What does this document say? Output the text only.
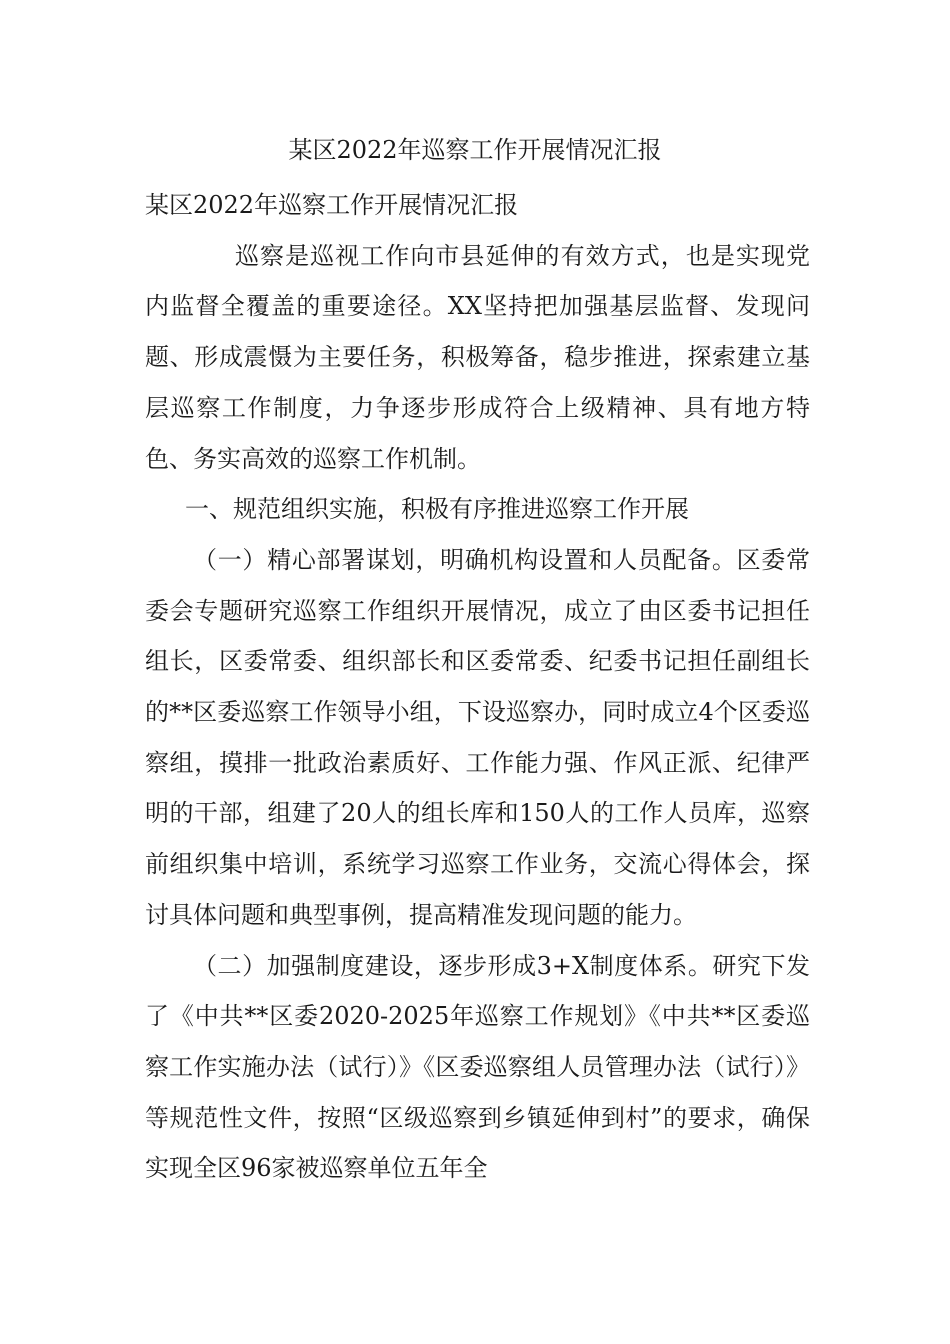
某区2022年巡察工作开展情况汇报

某区2022年巡察工作开展情况汇报

巡察是巡视工作向市县延伸的有效方式，也是实现党内监督全覆盖的重要途径。XX坚持把加强基层监督、发现问题、形成震慑为主要任务，积极筹备，稳步推进，探索建立基层巡察工作制度，力争逐步形成符合上级精神、具有地方特色、务实高效的巡察工作机制。

一、规范组织实施，积极有序推进巡察工作开展

（一）精心部署谋划，明确机构设置和人员配备。区委常委会专题研究巡察工作组织开展情况，成立了由区委书记担任组长，区委常委、组织部长和区委常委、纪委书记担任副组长的**区委巡察工作领导小组，下设巡察办，同时成立4个区委巡察组，摸排一批政治素质好、工作能力强、作风正派、纪律严明的干部，组建了20人的组长库和150人的工作人员库，巡察前组织集中培训，系统学习巡察工作业务，交流心得体会，探讨具体问题和典型事例，提高精准发现问题的能力。

（二）加强制度建设，逐步形成3+X制度体系。研究下发了《中共**区委2020-2025年巡察工作规划》《中共**区委巡察工作实施办法（试行）》《区委巡察组人员管理办法（试行）》等规范性文件，按照“区级巡察到乡镇延伸到村”的要求，确保实现全区96家被巡察单位五年全
